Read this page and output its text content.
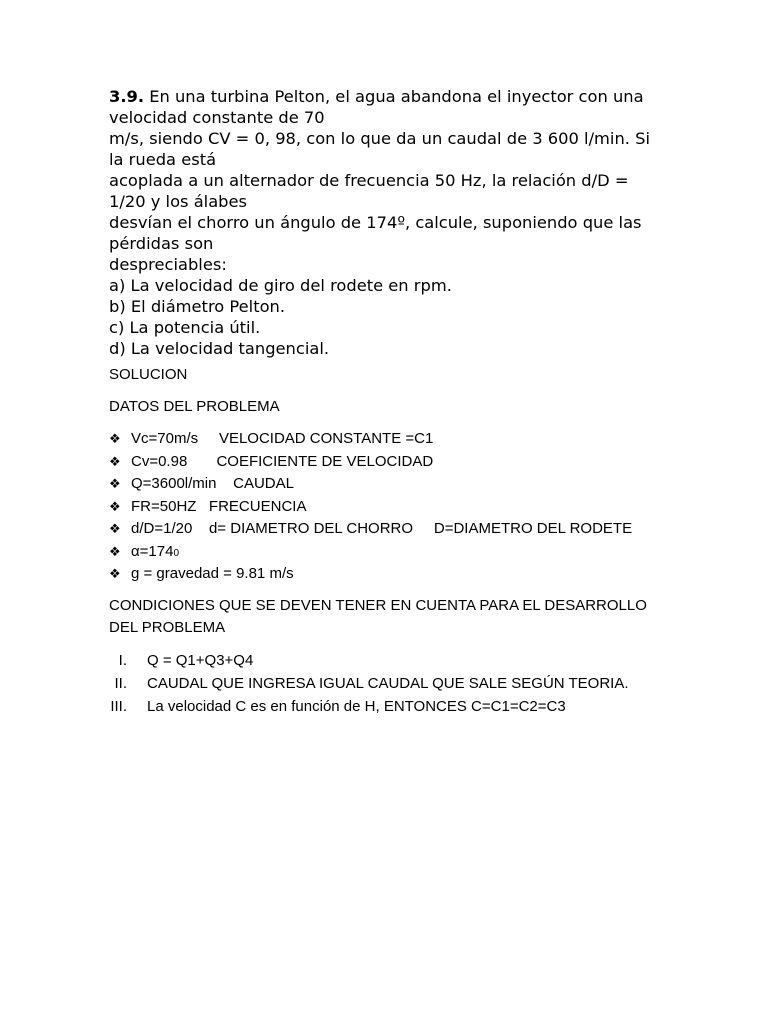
3.9. En una turbina Pelton, el agua abandona el inyector con una
velocidad constante de 70
m/s, siendo CV = 0, 98, con lo que da un caudal de 3 600 l/min. Si
la rueda está
acoplada a un alternador de frecuencia 50 Hz, la relación d/D =
1/20 y los álabes
desvían el chorro un ángulo de 174º, calcule, suponiendo que las
pérdidas son
despreciables:
a) La velocidad de giro del rodete en rpm.
b) El diámetro Pelton.
c) La potencia útil.
d) La velocidad tangencial.

SOLUCION
DATOS DEL PROBLEMA
❖ Vc=70m/s     VELOCIDAD CONSTANTE =C1
❖ Cv=0.98       COEFICIENTE DE VELOCIDAD
❖ Q=3600l/min    CAUDAL
❖ FR=50HZ   FRECUENCIA
❖ d/D=1/20    d= DIAMETRO DEL CHORRO     D=DIAMETRO DEL RODETE
❖ α=174 0
❖ g = gravedad = 9.81 m/s
CONDICIONES QUE SE DEVEN TENER EN CUENTA PARA EL DESARROLLO DEL PROBLEMA
I. Q = Q1+Q3+Q4
II. CAUDAL QUE INGRESA IGUAL CAUDAL QUE SALE SEGÚN TEORIA.
III. La velocidad C es en función de H, ENTONCES C=C1=C2=C3
